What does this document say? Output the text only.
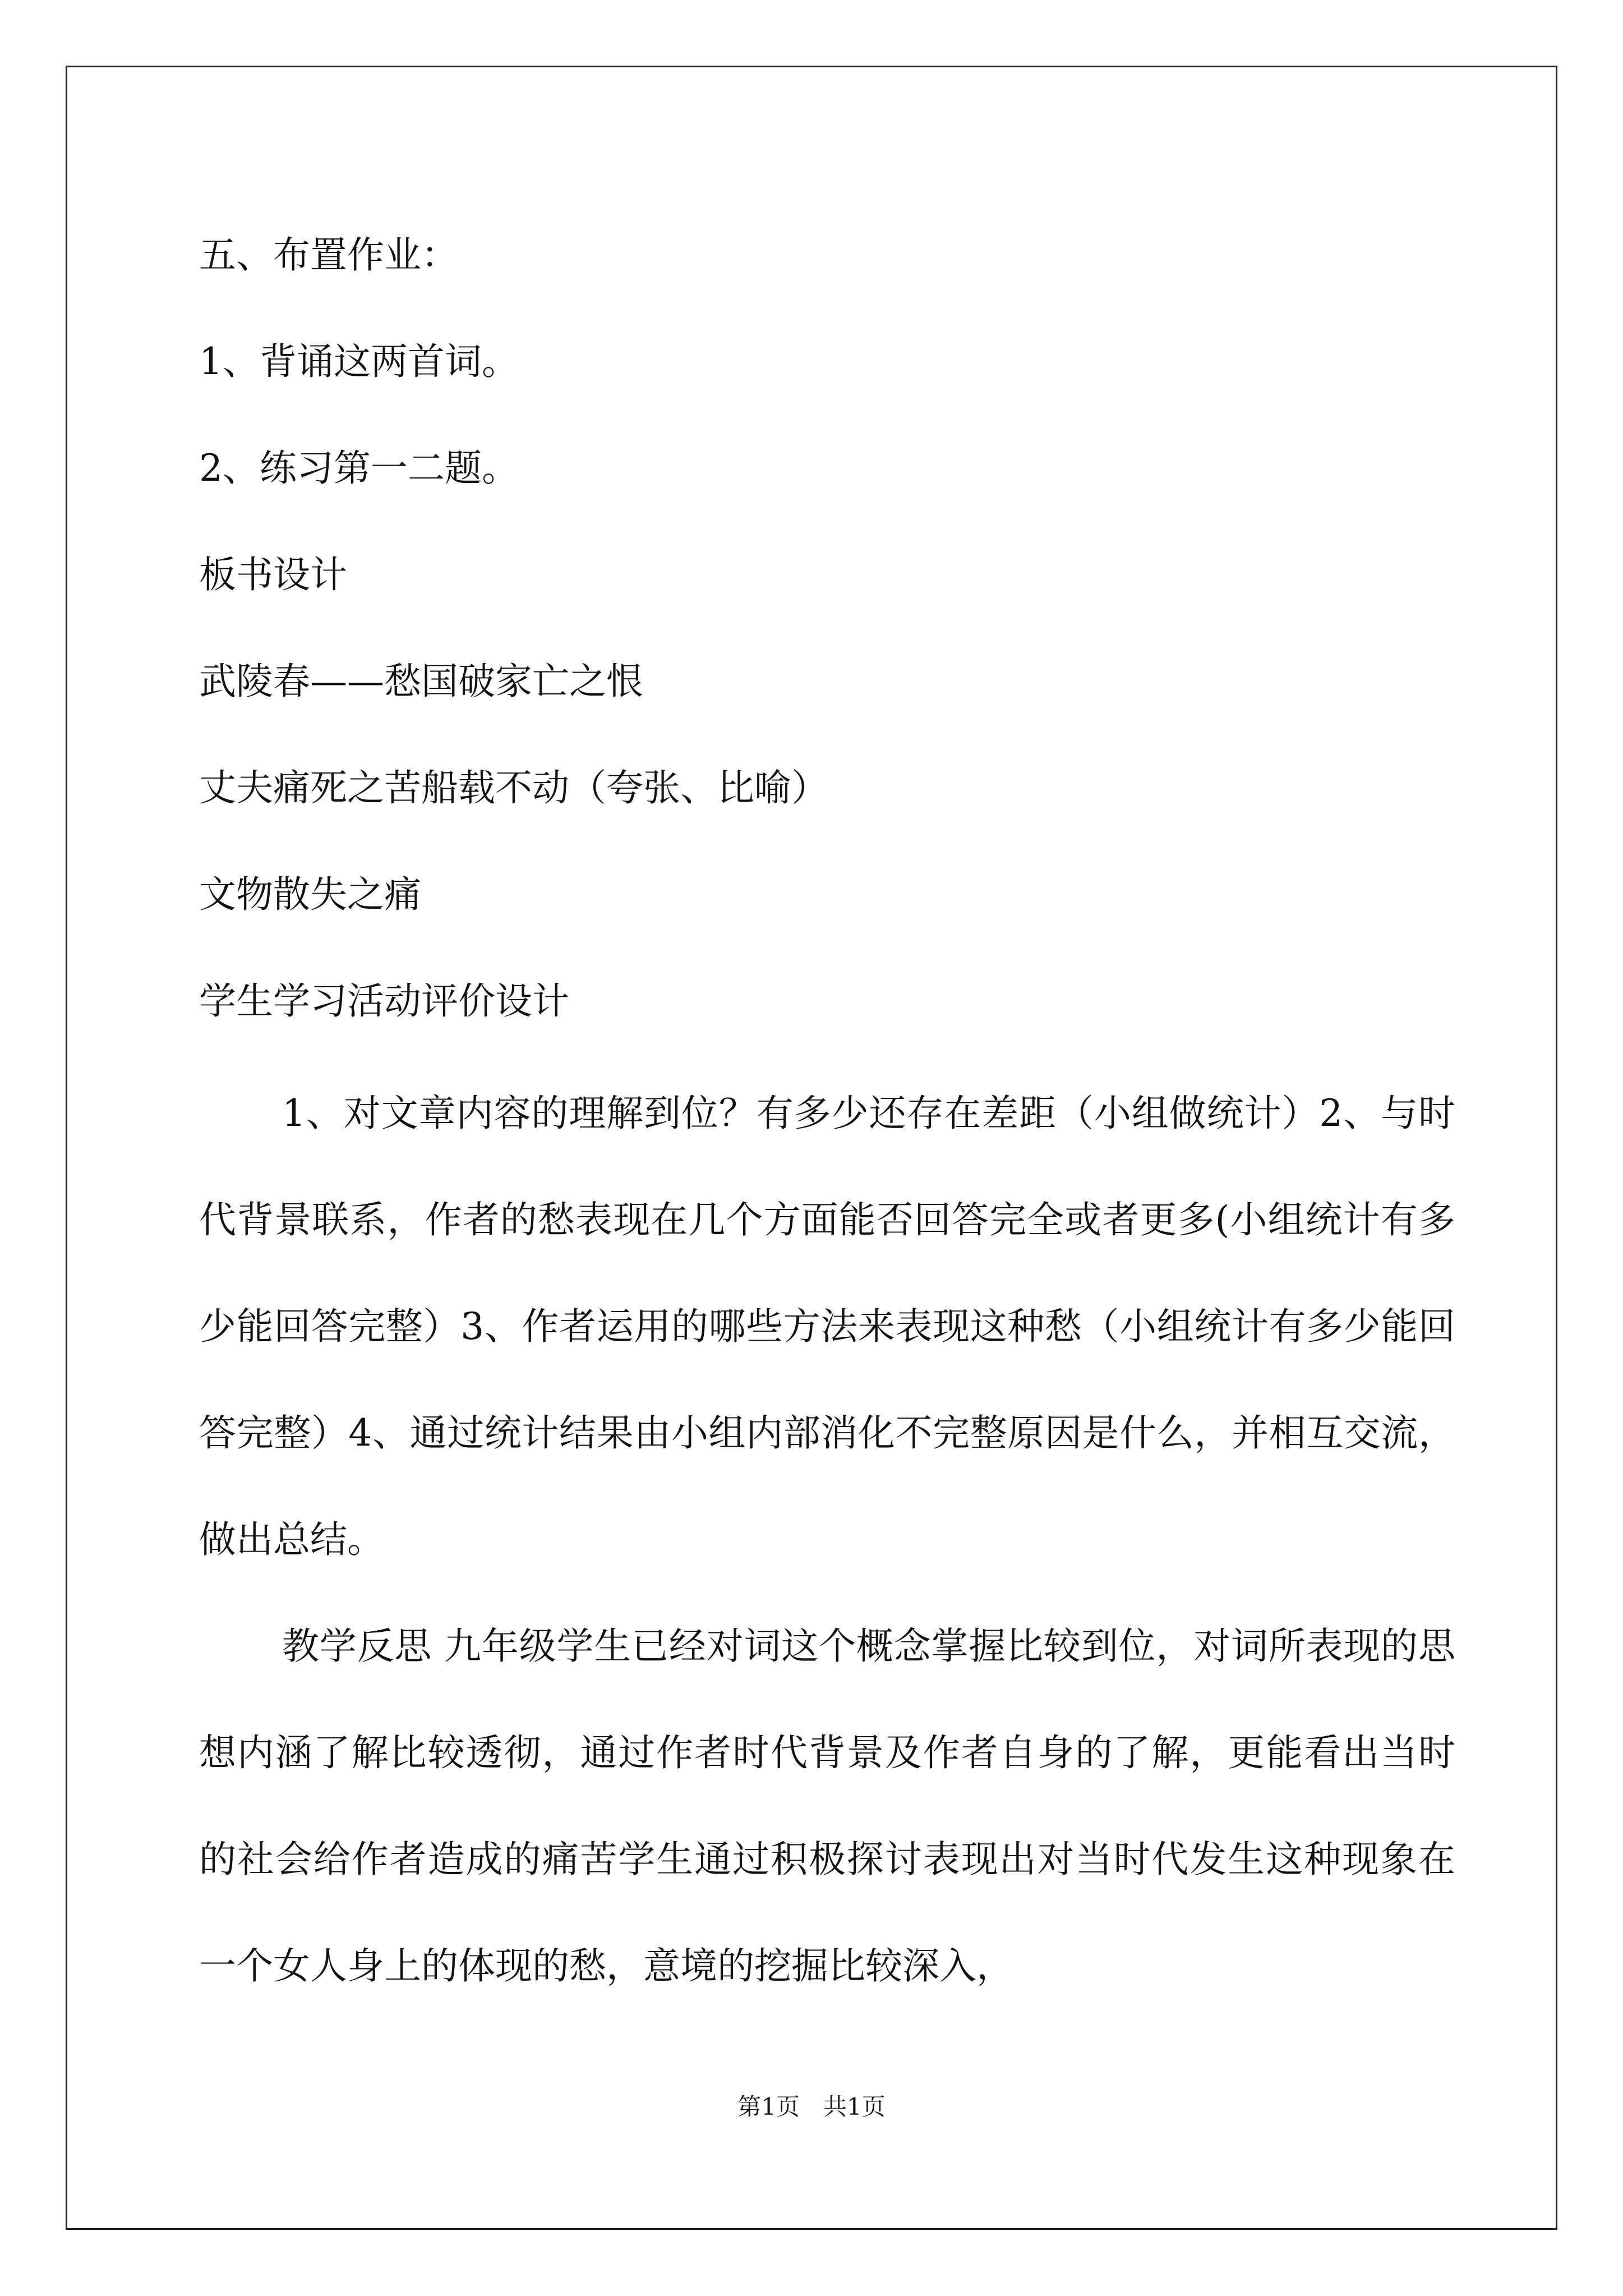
五、布置作业：
1、背诵这两首词。
2、练习第一二题。
板书设计
武陵春——愁国破家亡之恨
丈夫痛死之苦船载不动（夸张、比喻）
文物散失之痛
学生学习活动评价设计
1、对文章内容的理解到位？有多少还存在差距（小组做统计）2、与时代背景联系，作者的愁表现在几个方面能否回答完全或者更多(小组统计有多少能回答完整）3、作者运用的哪些方法来表现这种愁（小组统计有多少能回答完整）4、通过统计结果由小组内部消化不完整原因是什么，并相互交流，做出总结。
教学反思 九年级学生已经对词这个概念掌握比较到位，对词所表现的思想内涵了解比较透彻，通过作者时代背景及作者自身的了解，更能看出当时的社会给作者造成的痛苦学生通过积极探讨表现出对当时代发生这种现象在一个女人身上的体现的愁，意境的挖掘比较深入，
第1页　共1页
